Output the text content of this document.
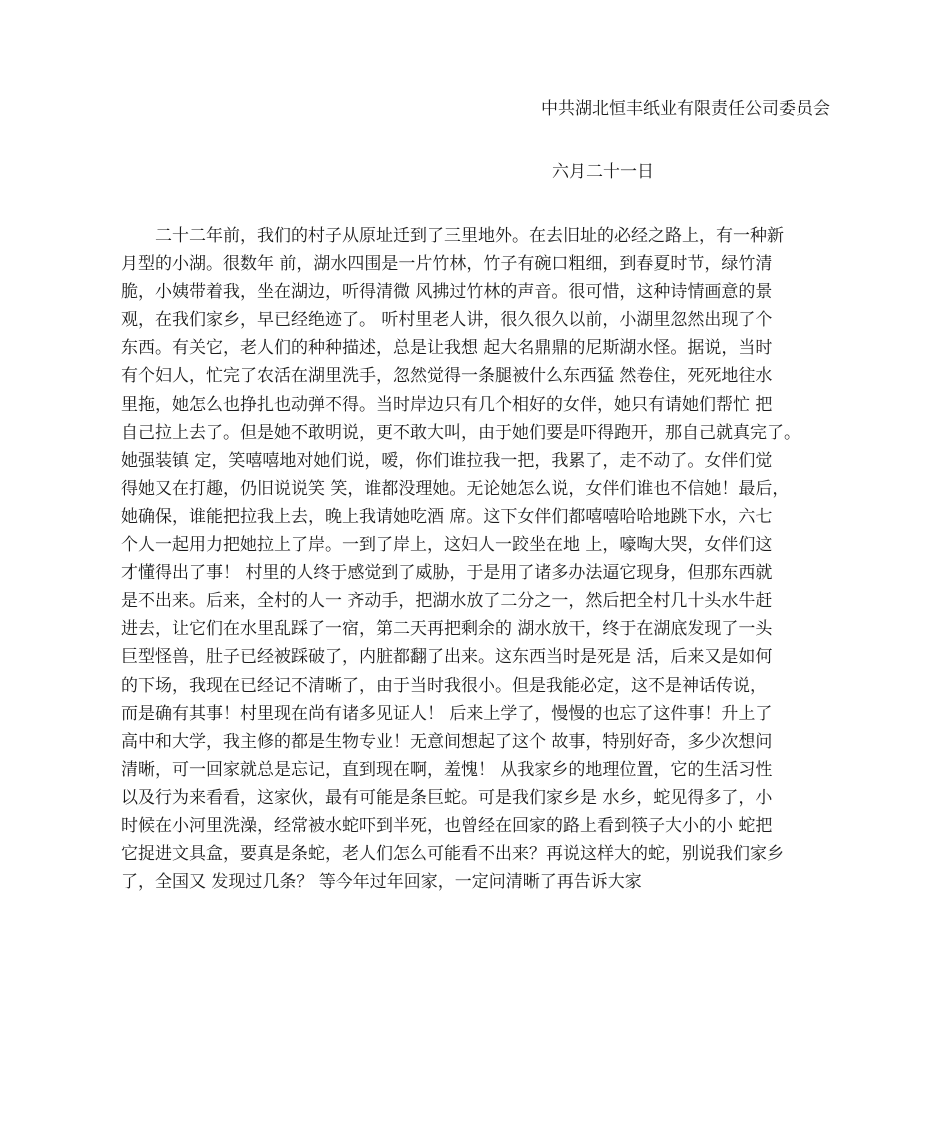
中共湖北恒丰纸业有限责任公司委员会
六月二十一日
　　二十二年前，我们的村子从原址迁到了三里地外。在去旧址的必经之路上，有一种新
月型的小湖。很数年 前，湖水四围是一片竹林，竹子有碗口粗细，到春夏时节，绿竹清
脆，小姨带着我，坐在湖边，听得清微 风拂过竹林的声音。很可惜，这种诗情画意的景
观，在我们家乡，早已经绝迹了。 听村里老人讲，很久很久以前，小湖里忽然出现了个
东西。有关它，老人们的种种描述，总是让我想 起大名鼎鼎的尼斯湖水怪。据说，当时
有个妇人，忙完了农活在湖里洗手，忽然觉得一条腿被什么东西猛 然卷住，死死地往水
里拖，她怎么也挣扎也动弹不得。当时岸边只有几个相好的女伴，她只有请她们帮忙 把
自己拉上去了。但是她不敢明说，更不敢大叫，由于她们要是吓得跑开，那自己就真完了。
她强装镇 定，笑嘻嘻地对她们说，嗳，你们谁拉我一把，我累了，走不动了。女伴们觉
得她又在打趣，仍旧说说笑 笑，谁都没理她。无论她怎么说，女伴们谁也不信她！最后，
她确保，谁能把拉我上去，晚上我请她吃酒 席。这下女伴们都嘻嘻哈哈地跳下水，六七
个人一起用力把她拉上了岸。一到了岸上，这妇人一跤坐在地 上，嚎啕大哭，女伴们这
才懂得出了事！ 村里的人终于感觉到了威胁，于是用了诸多办法逼它现身，但那东西就
是不出来。后来，全村的人一 齐动手，把湖水放了二分之一，然后把全村几十头水牛赶
进去，让它们在水里乱踩了一宿，第二天再把剩余的 湖水放干，终于在湖底发现了一头
巨型怪兽，肚子已经被踩破了，内脏都翻了出来。这东西当时是死是 活，后来又是如何
的下场，我现在已经记不清晰了，由于当时我很小。但是我能必定，这不是神话传说，
而是确有其事！村里现在尚有诸多见证人！ 后来上学了，慢慢的也忘了这件事！升上了
高中和大学，我主修的都是生物专业！无意间想起了这个 故事，特别好奇，多少次想问
清晰，可一回家就总是忘记，直到现在啊，羞愧！ 从我家乡的地理位置，它的生活习性
以及行为来看看，这家伙，最有可能是条巨蛇。可是我们家乡是 水乡，蛇见得多了，小
时候在小河里洗澡，经常被水蛇吓到半死，也曾经在回家的路上看到筷子大小的小 蛇把
它捉进文具盒，要真是条蛇，老人们怎么可能看不出来？再说这样大的蛇，别说我们家乡
了，全国又 发现过几条？ 等今年过年回家，一定问清晰了再告诉大家
